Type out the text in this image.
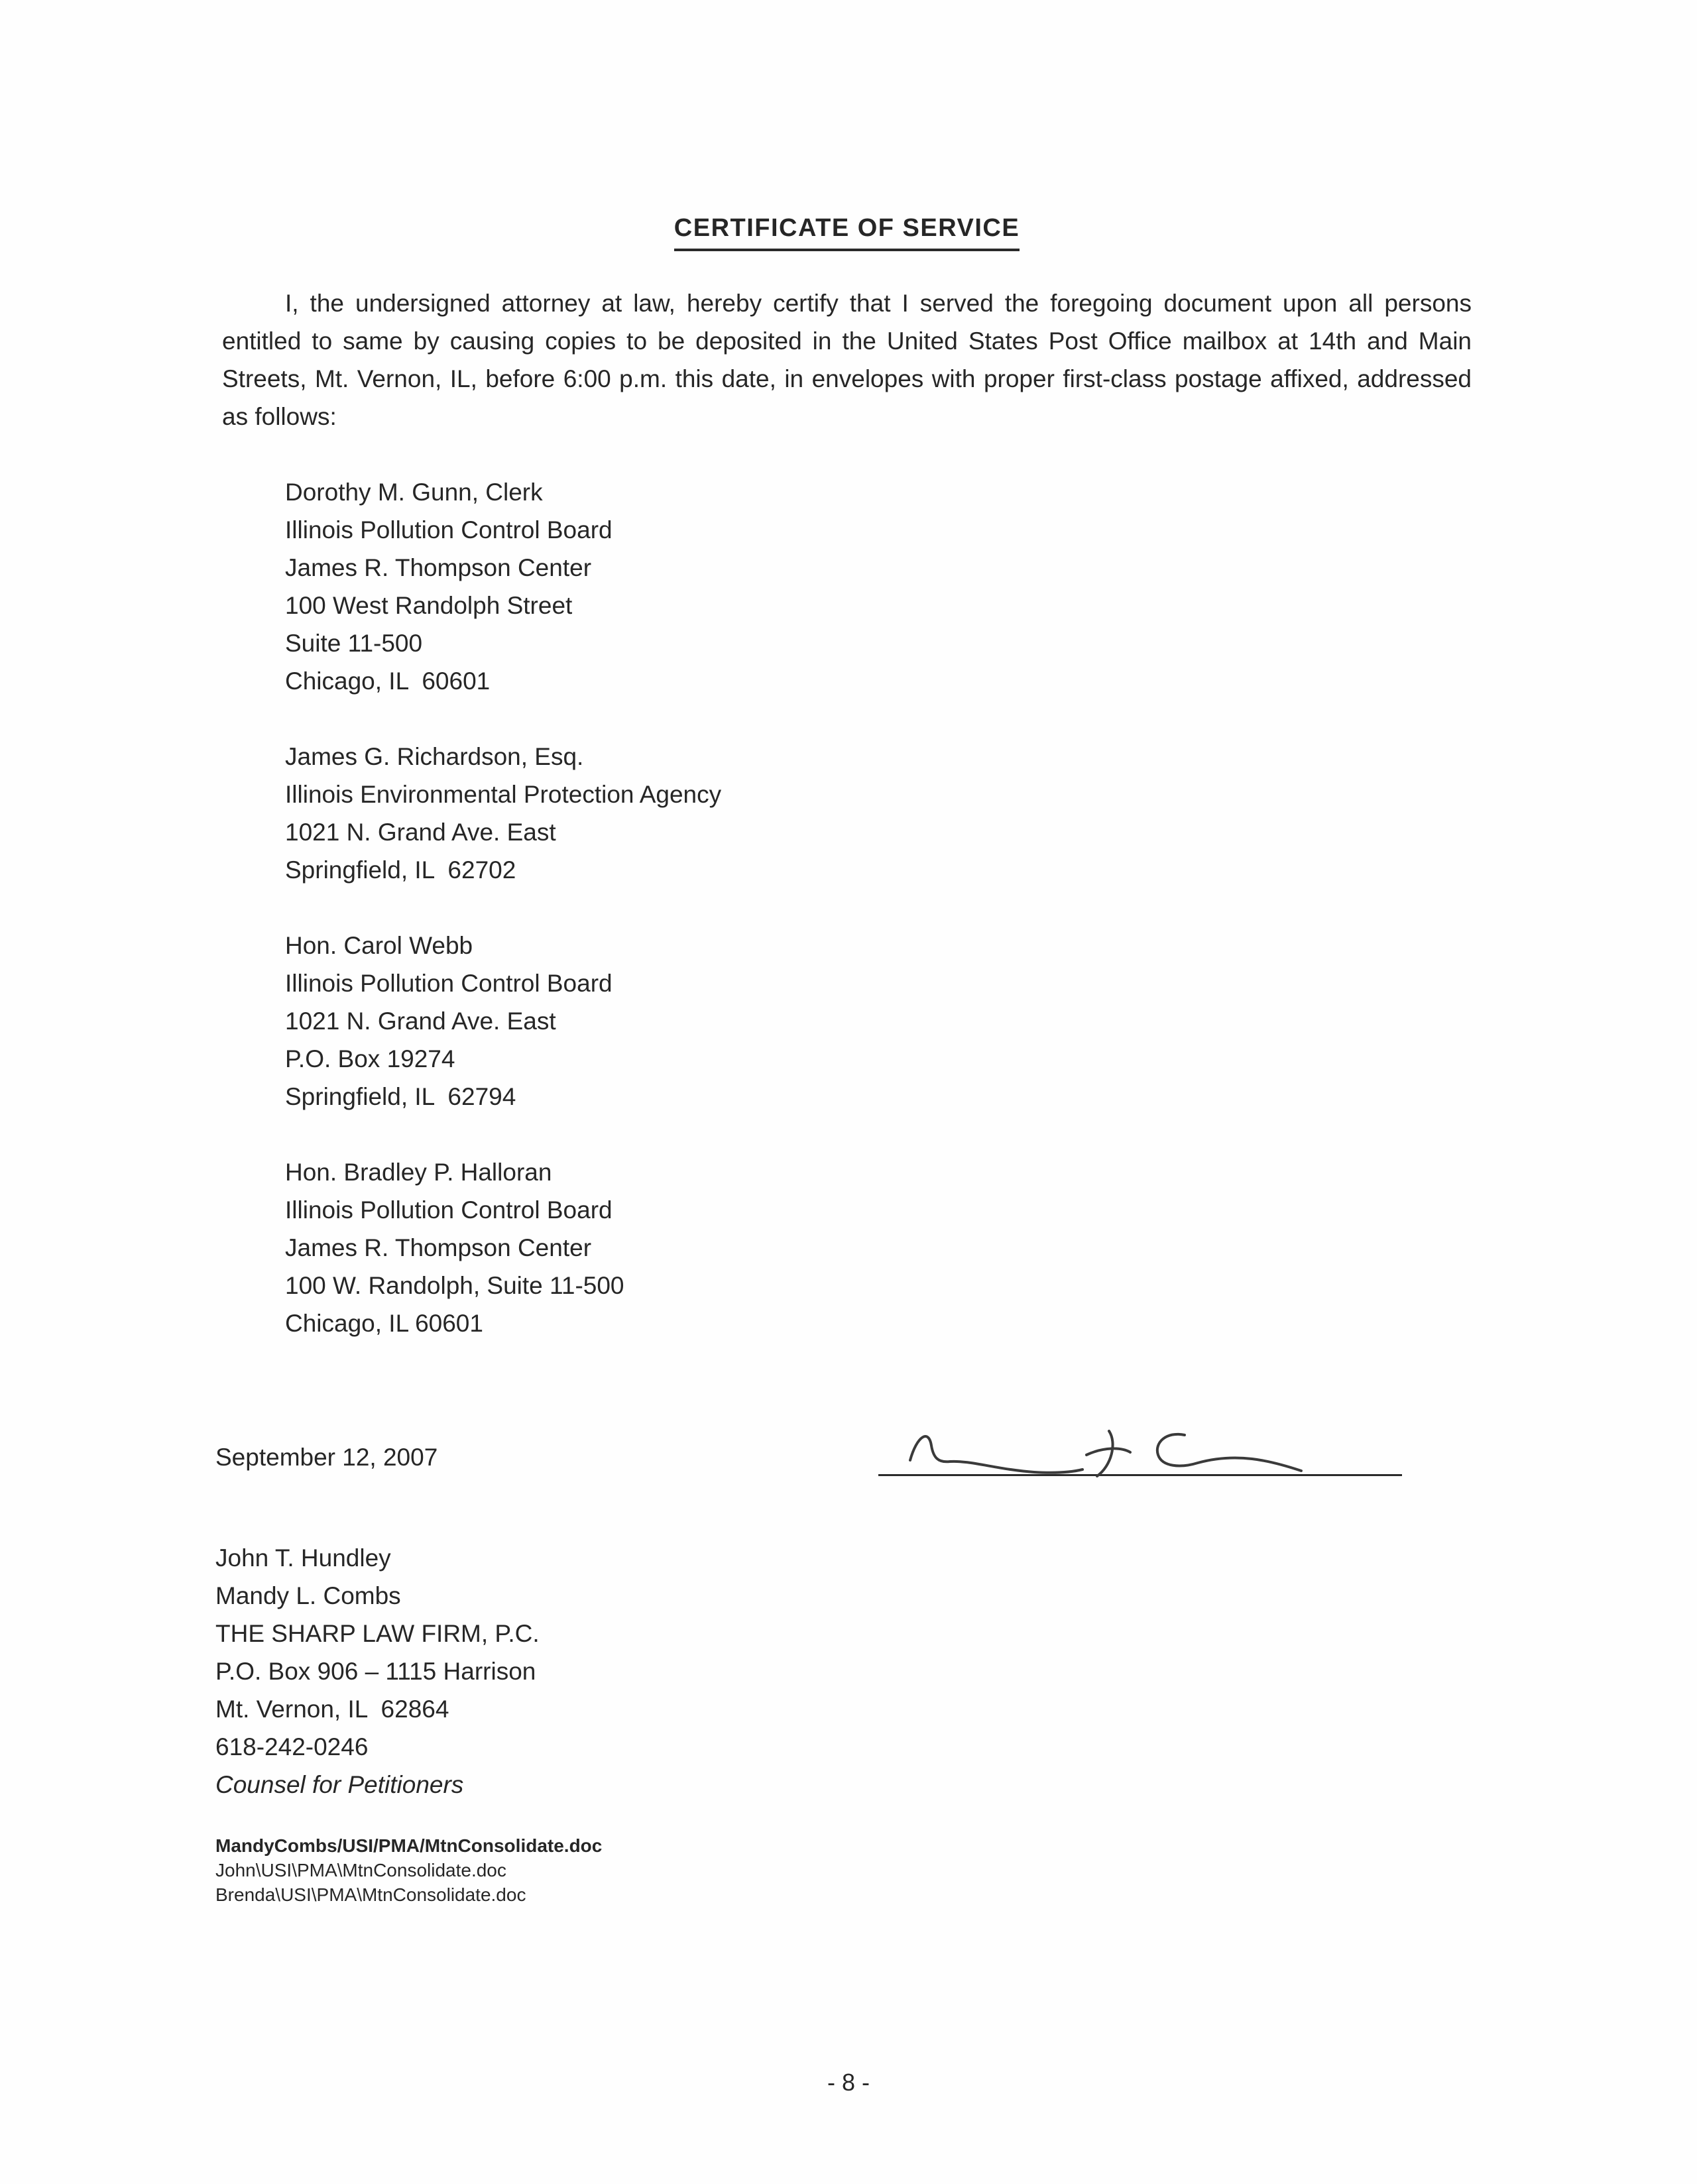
CERTIFICATE OF SERVICE

I, the undersigned attorney at law, hereby certify that I served the foregoing document upon all persons entitled to same by causing copies to be deposited in the United States Post Office mailbox at 14th and Main Streets, Mt. Vernon, IL, before 6:00 p.m. this date, in envelopes with proper first-class postage affixed, addressed as follows:

Dorothy M. Gunn, Clerk
Illinois Pollution Control Board
James R. Thompson Center
100 West Randolph Street
Suite 11-500
Chicago, IL  60601
James G. Richardson, Esq.
Illinois Environmental Protection Agency
1021 N. Grand Ave. East
Springfield, IL  62702
Hon. Carol Webb
Illinois Pollution Control Board
1021 N. Grand Ave. East
P.O. Box 19274
Springfield, IL  62794
Hon. Bradley P. Halloran
Illinois Pollution Control Board
James R. Thompson Center
100 W. Randolph, Suite 11-500
Chicago, IL 60601
September 12, 2007
John T. Hundley
Mandy L. Combs
THE SHARP LAW FIRM, P.C.
P.O. Box 906 – 1115 Harrison
Mt. Vernon, IL  62864
618-242-0246
Counsel for Petitioners
MandyCombs/USI/PMA/MtnConsolidate.doc
John\USI\PMA\MtnConsolidate.doc
Brenda\USI\PMA\MtnConsolidate.doc
- 8 -
